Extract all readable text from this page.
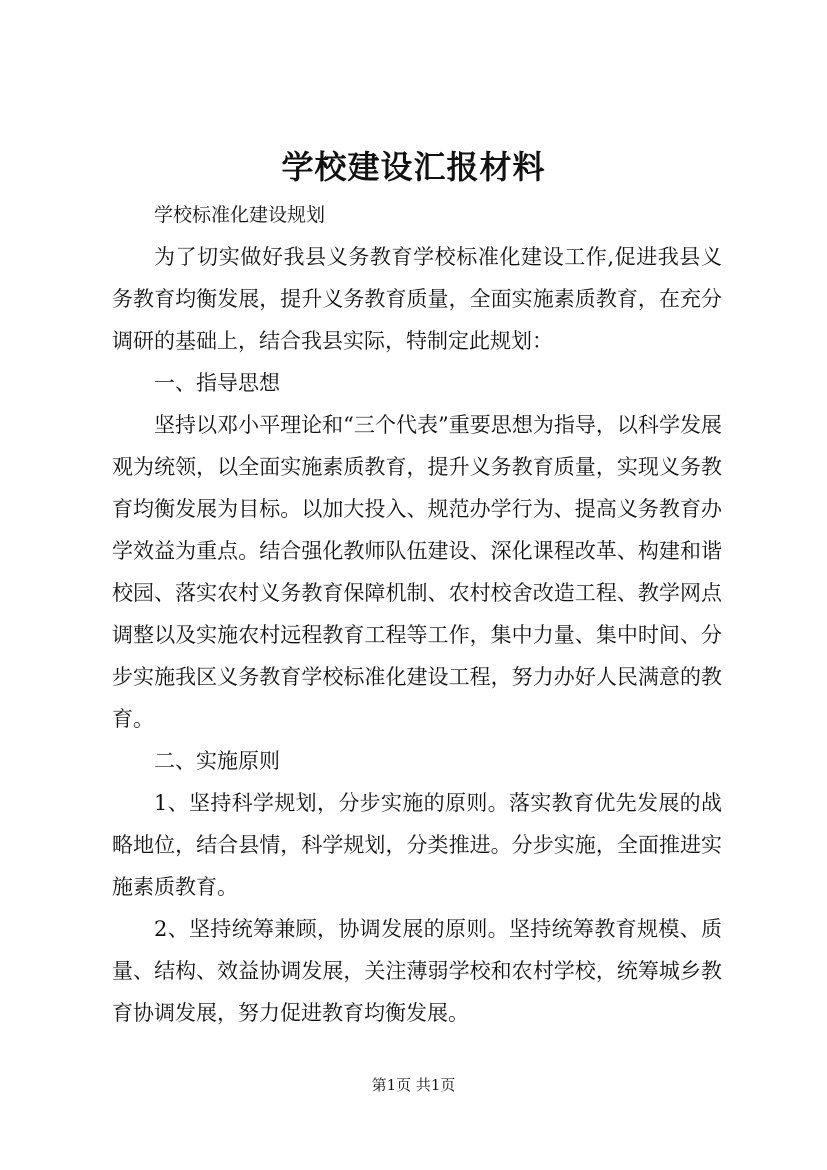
学校建设汇报材料

学校标准化建设规划

为了切实做好我县义务教育学校标准化建设工作,促进我县义务教育均衡发展，提升义务教育质量，全面实施素质教育，在充分调研的基础上，结合我县实际，特制定此规划：

一、指导思想

坚持以邓小平理论和“三个代表”重要思想为指导，以科学发展观为统领，以全面实施素质教育，提升义务教育质量，实现义务教育均衡发展为目标。以加大投入、规范办学行为、提高义务教育办学效益为重点。结合强化教师队伍建设、深化课程改革、构建和谐校园、落实农村义务教育保障机制、农村校舍改造工程、教学网点调整以及实施农村远程教育工程等工作，集中力量、集中时间、分步实施我区义务教育学校标准化建设工程，努力办好人民满意的教育。

二、实施原则

1、坚持科学规划，分步实施的原则。落实教育优先发展的战略地位，结合县情，科学规划，分类推进。分步实施，全面推进实施素质教育。

2、坚持统筹兼顾，协调发展的原则。坚持统筹教育规模、质量、结构、效益协调发展，关注薄弱学校和农村学校，统筹城乡教育协调发展，努力促进教育均衡发展。

第1页 共1页
